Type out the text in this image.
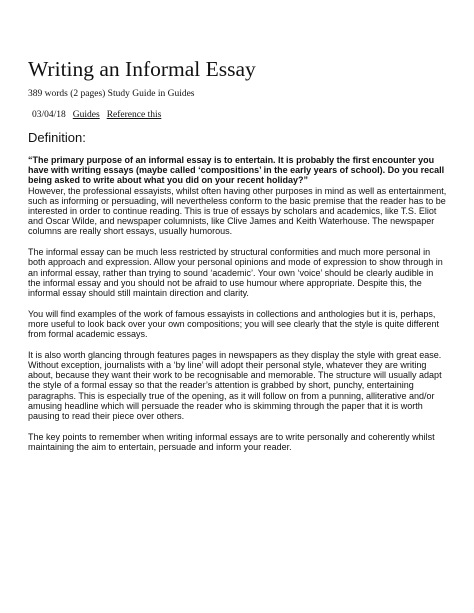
Writing an Informal Essay
389 words (2 pages) Study Guide in Guides
03/04/18 Guides Reference this
Definition:
“The primary purpose of an informal essay is to entertain. It is probably the first encounter you have with writing essays (maybe called ‘compositions’ in the early years of school). Do you recall being asked to write about what you did on your recent holiday?”

However, the professional essayists, whilst often having other purposes in mind as well as entertainment, such as informing or persuading, will nevertheless conform to the basic premise that the reader has to be interested in order to continue reading. This is true of essays by scholars and academics, like T.S. Eliot and Oscar Wilde, and newspaper columnists, like Clive James and Keith Waterhouse. The newspaper columns are really short essays, usually humorous.

The informal essay can be much less restricted by structural conformities and much more personal in both approach and expression. Allow your personal opinions and mode of expression to show through in an informal essay, rather than trying to sound ‘academic’. Your own ‘voice’ should be clearly audible in the informal essay and you should not be afraid to use humour where appropriate. Despite this, the informal essay should still maintain direction and clarity.

You will find examples of the work of famous essayists in collections and anthologies but it is, perhaps, more useful to look back over your own compositions; you will see clearly that the style is quite different from formal academic essays.

It is also worth glancing through features pages in newspapers as they display the style with great ease. Without exception, journalists with a ‘by line’ will adopt their personal style, whatever they are writing about, because they want their work to be recognisable and memorable. The structure will usually adapt the style of a formal essay so that the reader’s attention is grabbed by short, punchy, entertaining paragraphs. This is especially true of the opening, as it will follow on from a punning, alliterative and/or amusing headline which will persuade the reader who is skimming through the paper that it is worth pausing to read their piece over others.

The key points to remember when writing informal essays are to write personally and coherently whilst maintaining the aim to entertain, persuade and inform your reader.
